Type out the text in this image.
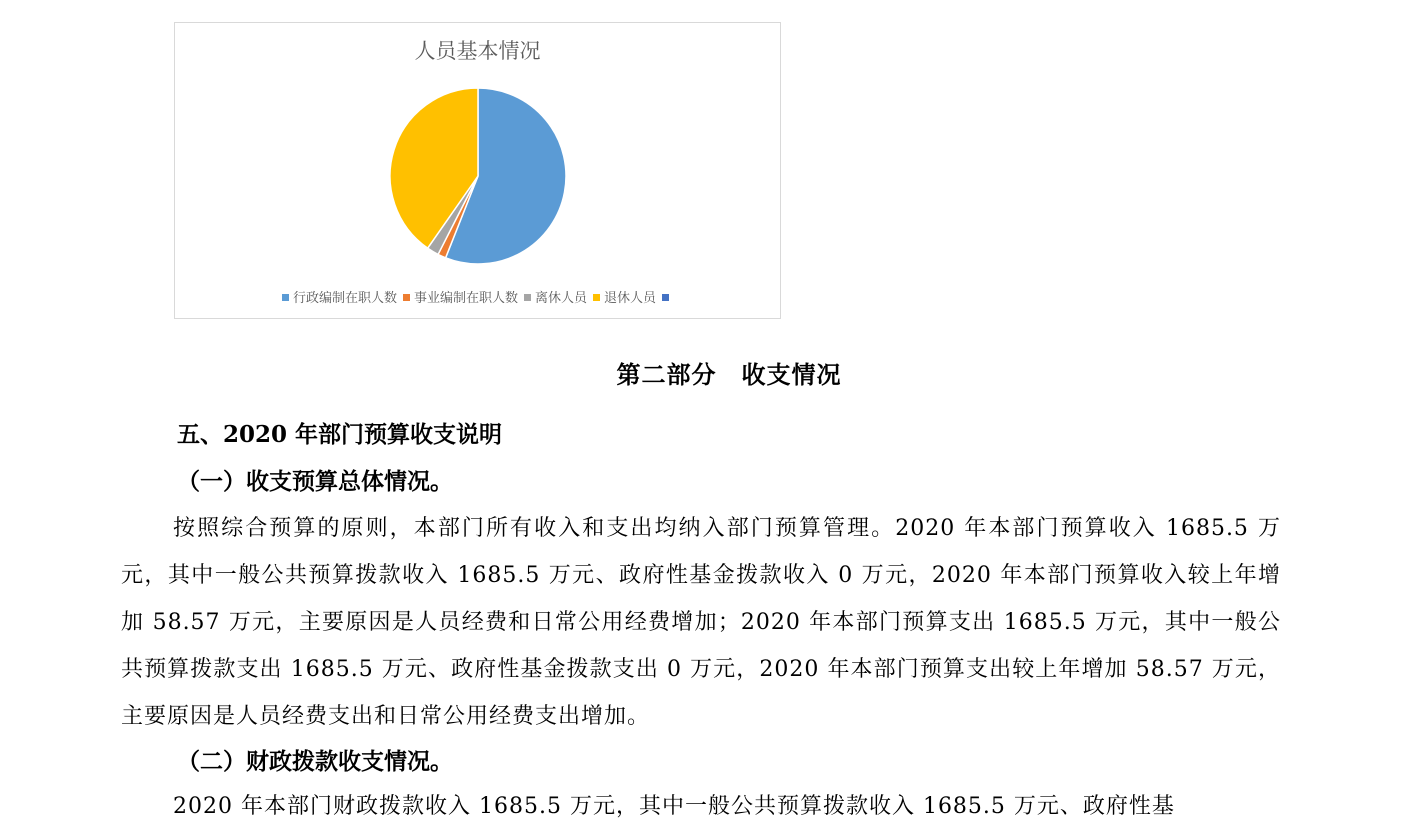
人员基本情况
行政编制在职人数 事业编制在职人数 离休人员 退休人员
第二部分　收支情况
五、2020 年部门预算收支说明
（一）收支预算总体情况。
按照综合预算的原则，本部门所有收入和支出均纳入部门预算管理。2020 年本部门预算收入 1685.5 万元，其中一般公共预算拨款收入 1685.5 万元、政府性基金拨款收入 0 万元，2020 年本部门预算收入较上年增加 58.57 万元，主要原因是人员经费和日常公用经费增加；2020 年本部门预算支出 1685.5 万元，其中一般公共预算拨款支出 1685.5 万元、政府性基金拨款支出 0 万元，2020 年本部门预算支出较上年增加 58.57 万元，主要原因是人员经费支出和日常公用经费支出增加。
（二）财政拨款收支情况。
2020 年本部门财政拨款收入 1685.5 万元，其中一般公共预算拨款收入 1685.5 万元、政府性基
